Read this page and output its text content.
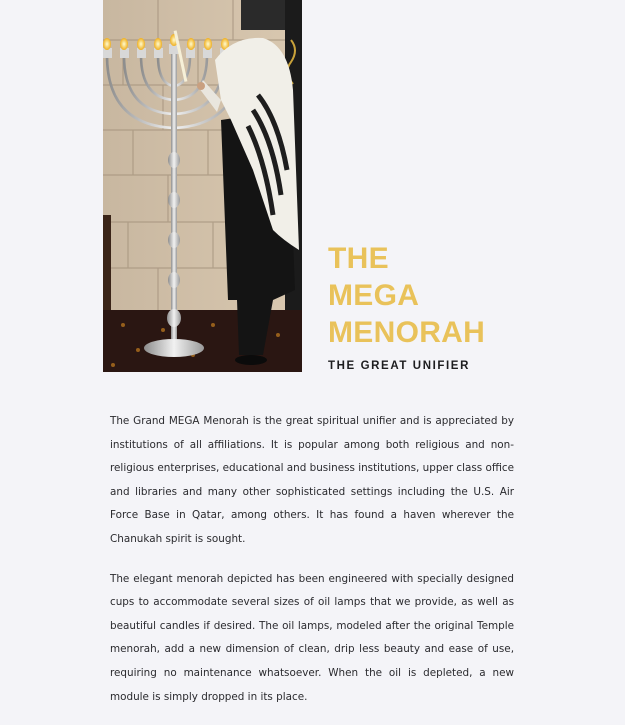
THE
MEGA
MENORAH
THE GREAT UNIFIER

The Grand MEGA Menorah is the great spiritual unifier and is appreciated by institutions of all affiliations. It is popular among both religious and non-religious enterprises, educational and business institutions, upper class office and libraries and many other sophisticated settings including the U.S. Air Force Base in Qatar, among others. It has found a haven wherever the Chanukah spirit is sought.

The elegant menorah depicted has been engineered with specially designed cups to accommodate several sizes of oil lamps that we provide, as well as beautiful candles if desired. The oil lamps, modeled after the original Temple menorah, add a new dimension of clean, drip less beauty and ease of use, requiring no maintenance whatsoever. When the oil is depleted, a new module is simply dropped in its place.
